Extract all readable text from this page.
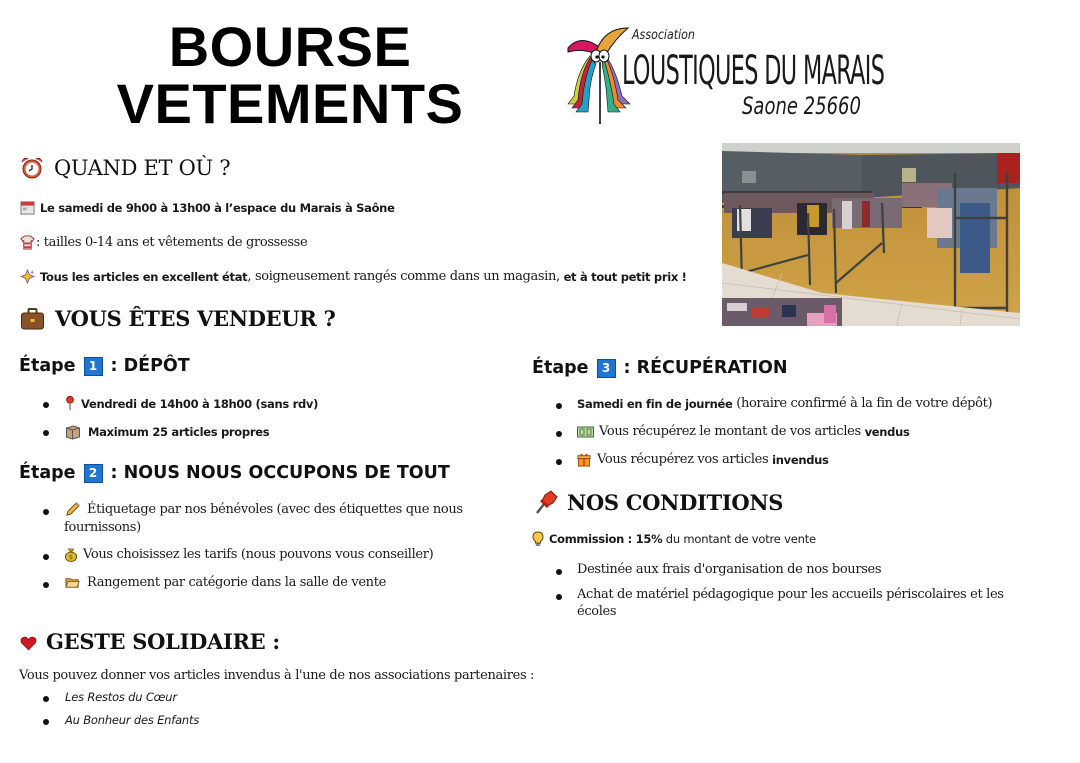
BOURSE
VETEMENTS
Association
LOUSTIQUES DU MARAIS
Saone 25660
QUAND ET OÙ ?
Le samedi de 9h00 à 13h00 à l’espace du Marais à Saône
: tailles 0-14 ans et vêtements de grossesse
Tous les articles en excellent état , soigneusement rangés comme dans un magasin, et à tout petit prix !
VOUS ÊTES VENDEUR ?
Étape	1 : DÉPÔT
Vendredi de 14h00 à 18h00 (sans rdv)
Maximum 25 articles propres
Étape	2 : NOUS NOUS OCCUPONS DE TOUT
Étiquetage par nos bénévoles (avec des étiquettes que nous
fournissons)
$ Vous choisissez les tarifs (nous pouvons vous conseiller)
Rangement par catégorie dans la salle de vente
GESTE SOLIDAIRE :
Vous pouvez donner vos articles invendus à l'une de nos associations partenaires :
Les Restos du Cœur
Au Bonheur des Enfants
Étape	3 : RÉCUPÉRATION
Samedi en fin de journée (horaire confirmé à la fin de votre dépôt)
Vous récupérez le montant de vos articles vendus
Vous récupérez vos articles invendus
NOS CONDITIONS
Commission : 15% du montant de votre vente
Destinée aux frais d'organisation de nos bourses
Achat de matériel pédagogique pour les accueils périscolaires et les
écoles
